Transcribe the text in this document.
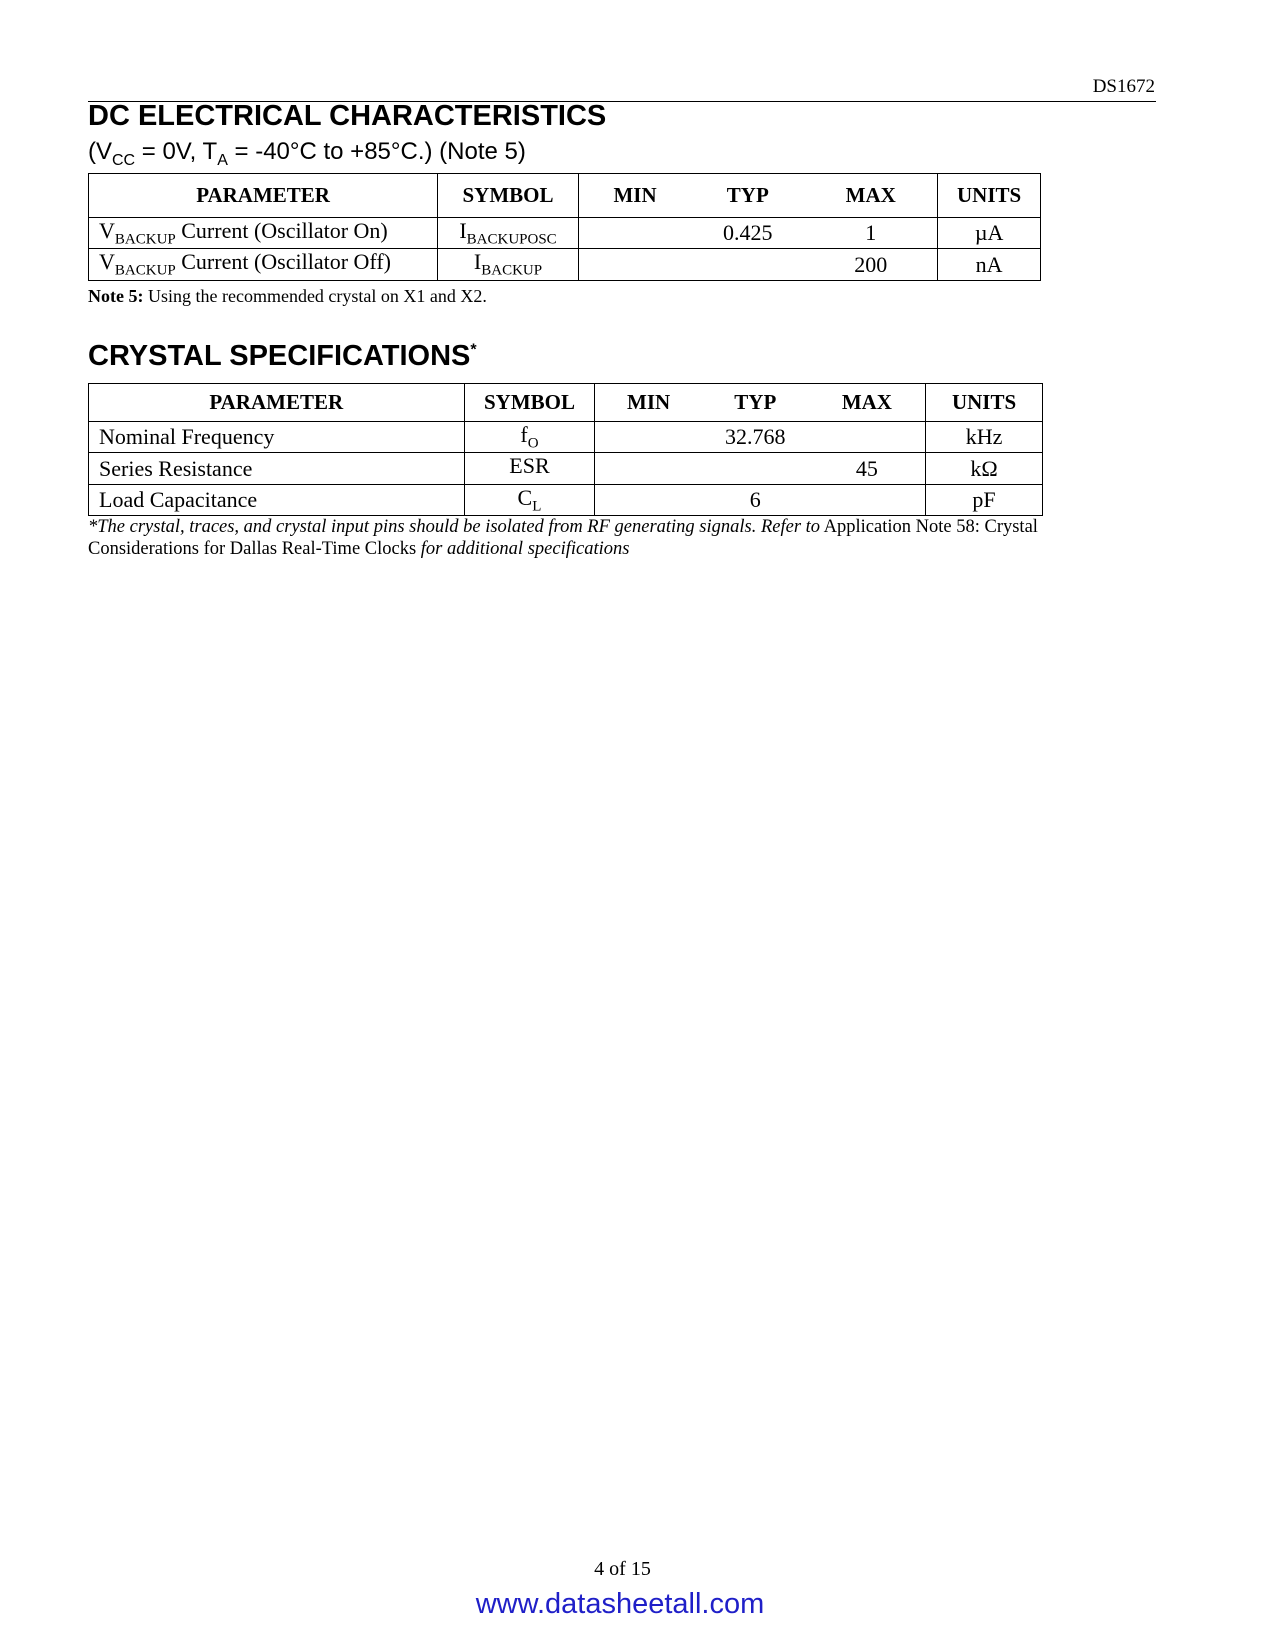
DS1672
DC ELECTRICAL CHARACTERISTICS
($V_{CC} = 0V$, $T_A = -40^\circ C$ to +85°C.) (Note 5)
PARAMETER	SYMBOL	MIN	TYP	MAX	UNITS
$V_{BACKUP}$ Current (Oscillator On)	$I_{BACKUPOSC}$		0.425	1	µA
$V_{BACKUP}$ Current (Oscillator Off)	$I_{BACKUP}$			200	nA
Note 5: Using the recommended crystal on X1 and X2.
CRYSTAL SPECIFICATIONS*
PARAMETER	SYMBOL	MIN	TYP	MAX	UNITS
Nominal Frequency	$f_O$		32.768		kHz
Series Resistance	ESR			45	kΩ
Load Capacitance	$C_L$		6		pF
*The crystal, traces, and crystal input pins should be isolated from RF generating signals. Refer to Application Note 58: Crystal Considerations for Dallas Real-Time Clocks for additional specifications
4 of 15
www.datasheetall.com
